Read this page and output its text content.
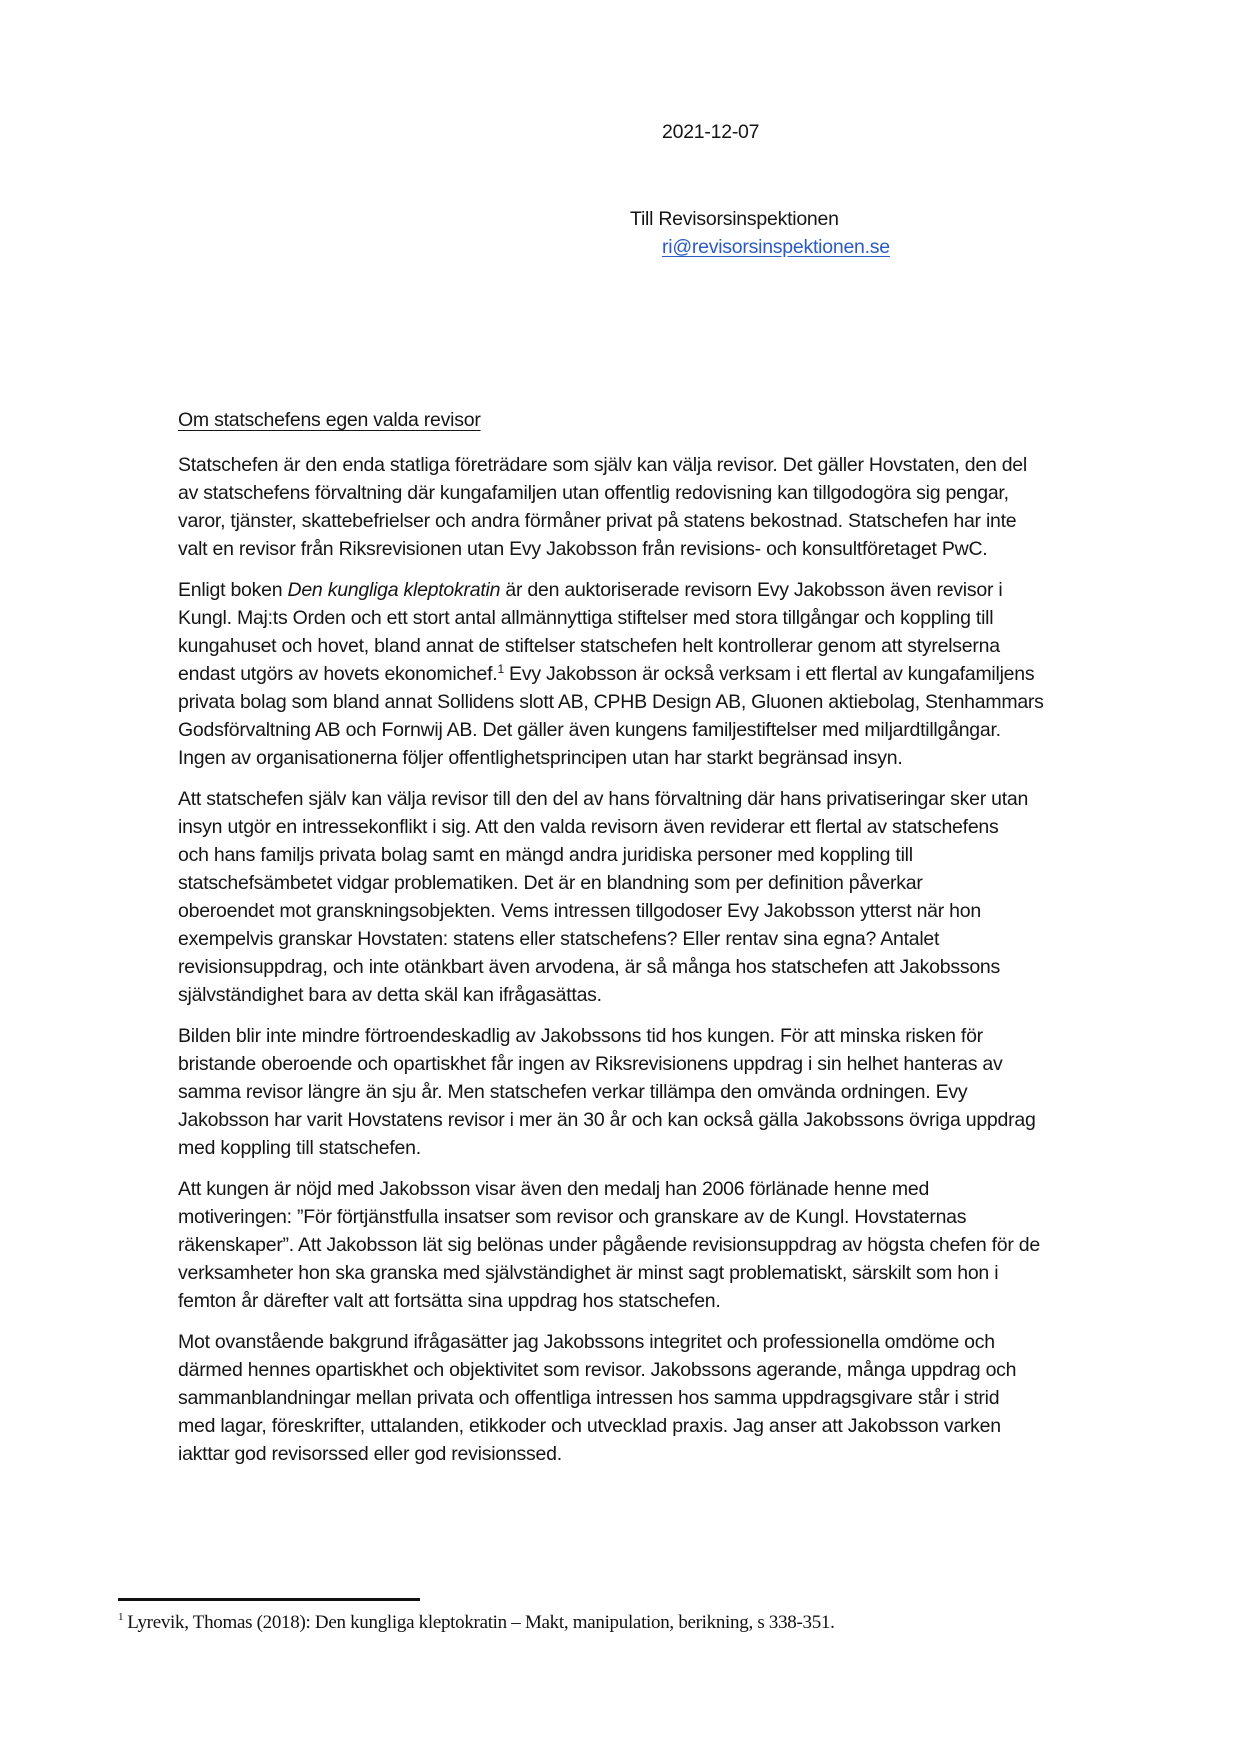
2021-12-07
Till Revisorsinspektionen
ri@revisorsinspektionen.se
Om statschefens egen valda revisor
Statschefen är den enda statliga företrädare som själv kan välja revisor. Det gäller Hovstaten, den del
av statschefens förvaltning där kungafamiljen utan offentlig redovisning kan tillgodogöra sig pengar,
varor, tjänster, skattebefrielser och andra förmåner privat på statens bekostnad. Statschefen har inte
valt en revisor från Riksrevisionen utan Evy Jakobsson från revisions- och konsultföretaget PwC.
Enligt boken Den kungliga kleptokratin är den auktoriserade revisorn Evy Jakobsson även revisor i
Kungl. Maj:ts Orden och ett stort antal allmännyttiga stiftelser med stora tillgångar och koppling till
kungahuset och hovet, bland annat de stiftelser statschefen helt kontrollerar genom att styrelserna
endast utgörs av hovets ekonomichef.$^1$ Evy Jakobsson är också verksam i ett flertal av kungafamiljens
privata bolag som bland annat Sollidens slott AB, CPHB Design AB, Gluonen aktiebolag, Stenhammars
Godsförvaltning AB och Fornwij AB. Det gäller även kungens familjestiftelser med miljardtillgångar.
Ingen av organisationerna följer offentlighetsprincipen utan har starkt begränsad insyn.
Att statschefen själv kan välja revisor till den del av hans förvaltning där hans privatiseringar sker utan
insyn utgör en intressekonflikt i sig. Att den valda revisorn även reviderar ett flertal av statschefens
och hans familjs privata bolag samt en mängd andra juridiska personer med koppling till
statschefsämbetet vidgar problematiken. Det är en blandning som per definition påverkar
oberoendet mot granskningsobjekten. Vems intressen tillgodoser Evy Jakobsson ytterst när hon
exempelvis granskar Hovstaten: statens eller statschefens? Eller rentav sina egna? Antalet
revisionsuppdrag, och inte otänkbart även arvodena, är så många hos statschefen att Jakobssons
självständighet bara av detta skäl kan ifrågasättas.
Bilden blir inte mindre förtroendeskadlig av Jakobssons tid hos kungen. För att minska risken för
bristande oberoende och opartiskhet får ingen av Riksrevisionens uppdrag i sin helhet hanteras av
samma revisor längre än sju år. Men statschefen verkar tillämpa den omvända ordningen. Evy
Jakobsson har varit Hovstatens revisor i mer än 30 år och kan också gälla Jakobssons övriga uppdrag
med koppling till statschefen.
Att kungen är nöjd med Jakobsson visar även den medalj han 2006 förlänade henne med
motiveringen: ”För förtjänstfulla insatser som revisor och granskare av de Kungl. Hovstaternas
räkenskaper”. Att Jakobsson lät sig belönas under pågående revisionsuppdrag av högsta chefen för de
verksamheter hon ska granska med självständighet är minst sagt problematiskt, särskilt som hon i
femton år därefter valt att fortsätta sina uppdrag hos statschefen.
Mot ovanstående bakgrund ifrågasätter jag Jakobssons integritet och professionella omdöme och
därmed hennes opartiskhet och objektivitet som revisor. Jakobssons agerande, många uppdrag och
sammanblandningar mellan privata och offentliga intressen hos samma uppdragsgivare står i strid
med lagar, föreskrifter, uttalanden, etikkoder och utvecklad praxis. Jag anser att Jakobsson varken
iakttar god revisorssed eller god revisionssed.
$^1$ Lyrevik, Thomas (2018): Den kungliga kleptokratin – Makt, manipulation, berikning, s 338-351.
